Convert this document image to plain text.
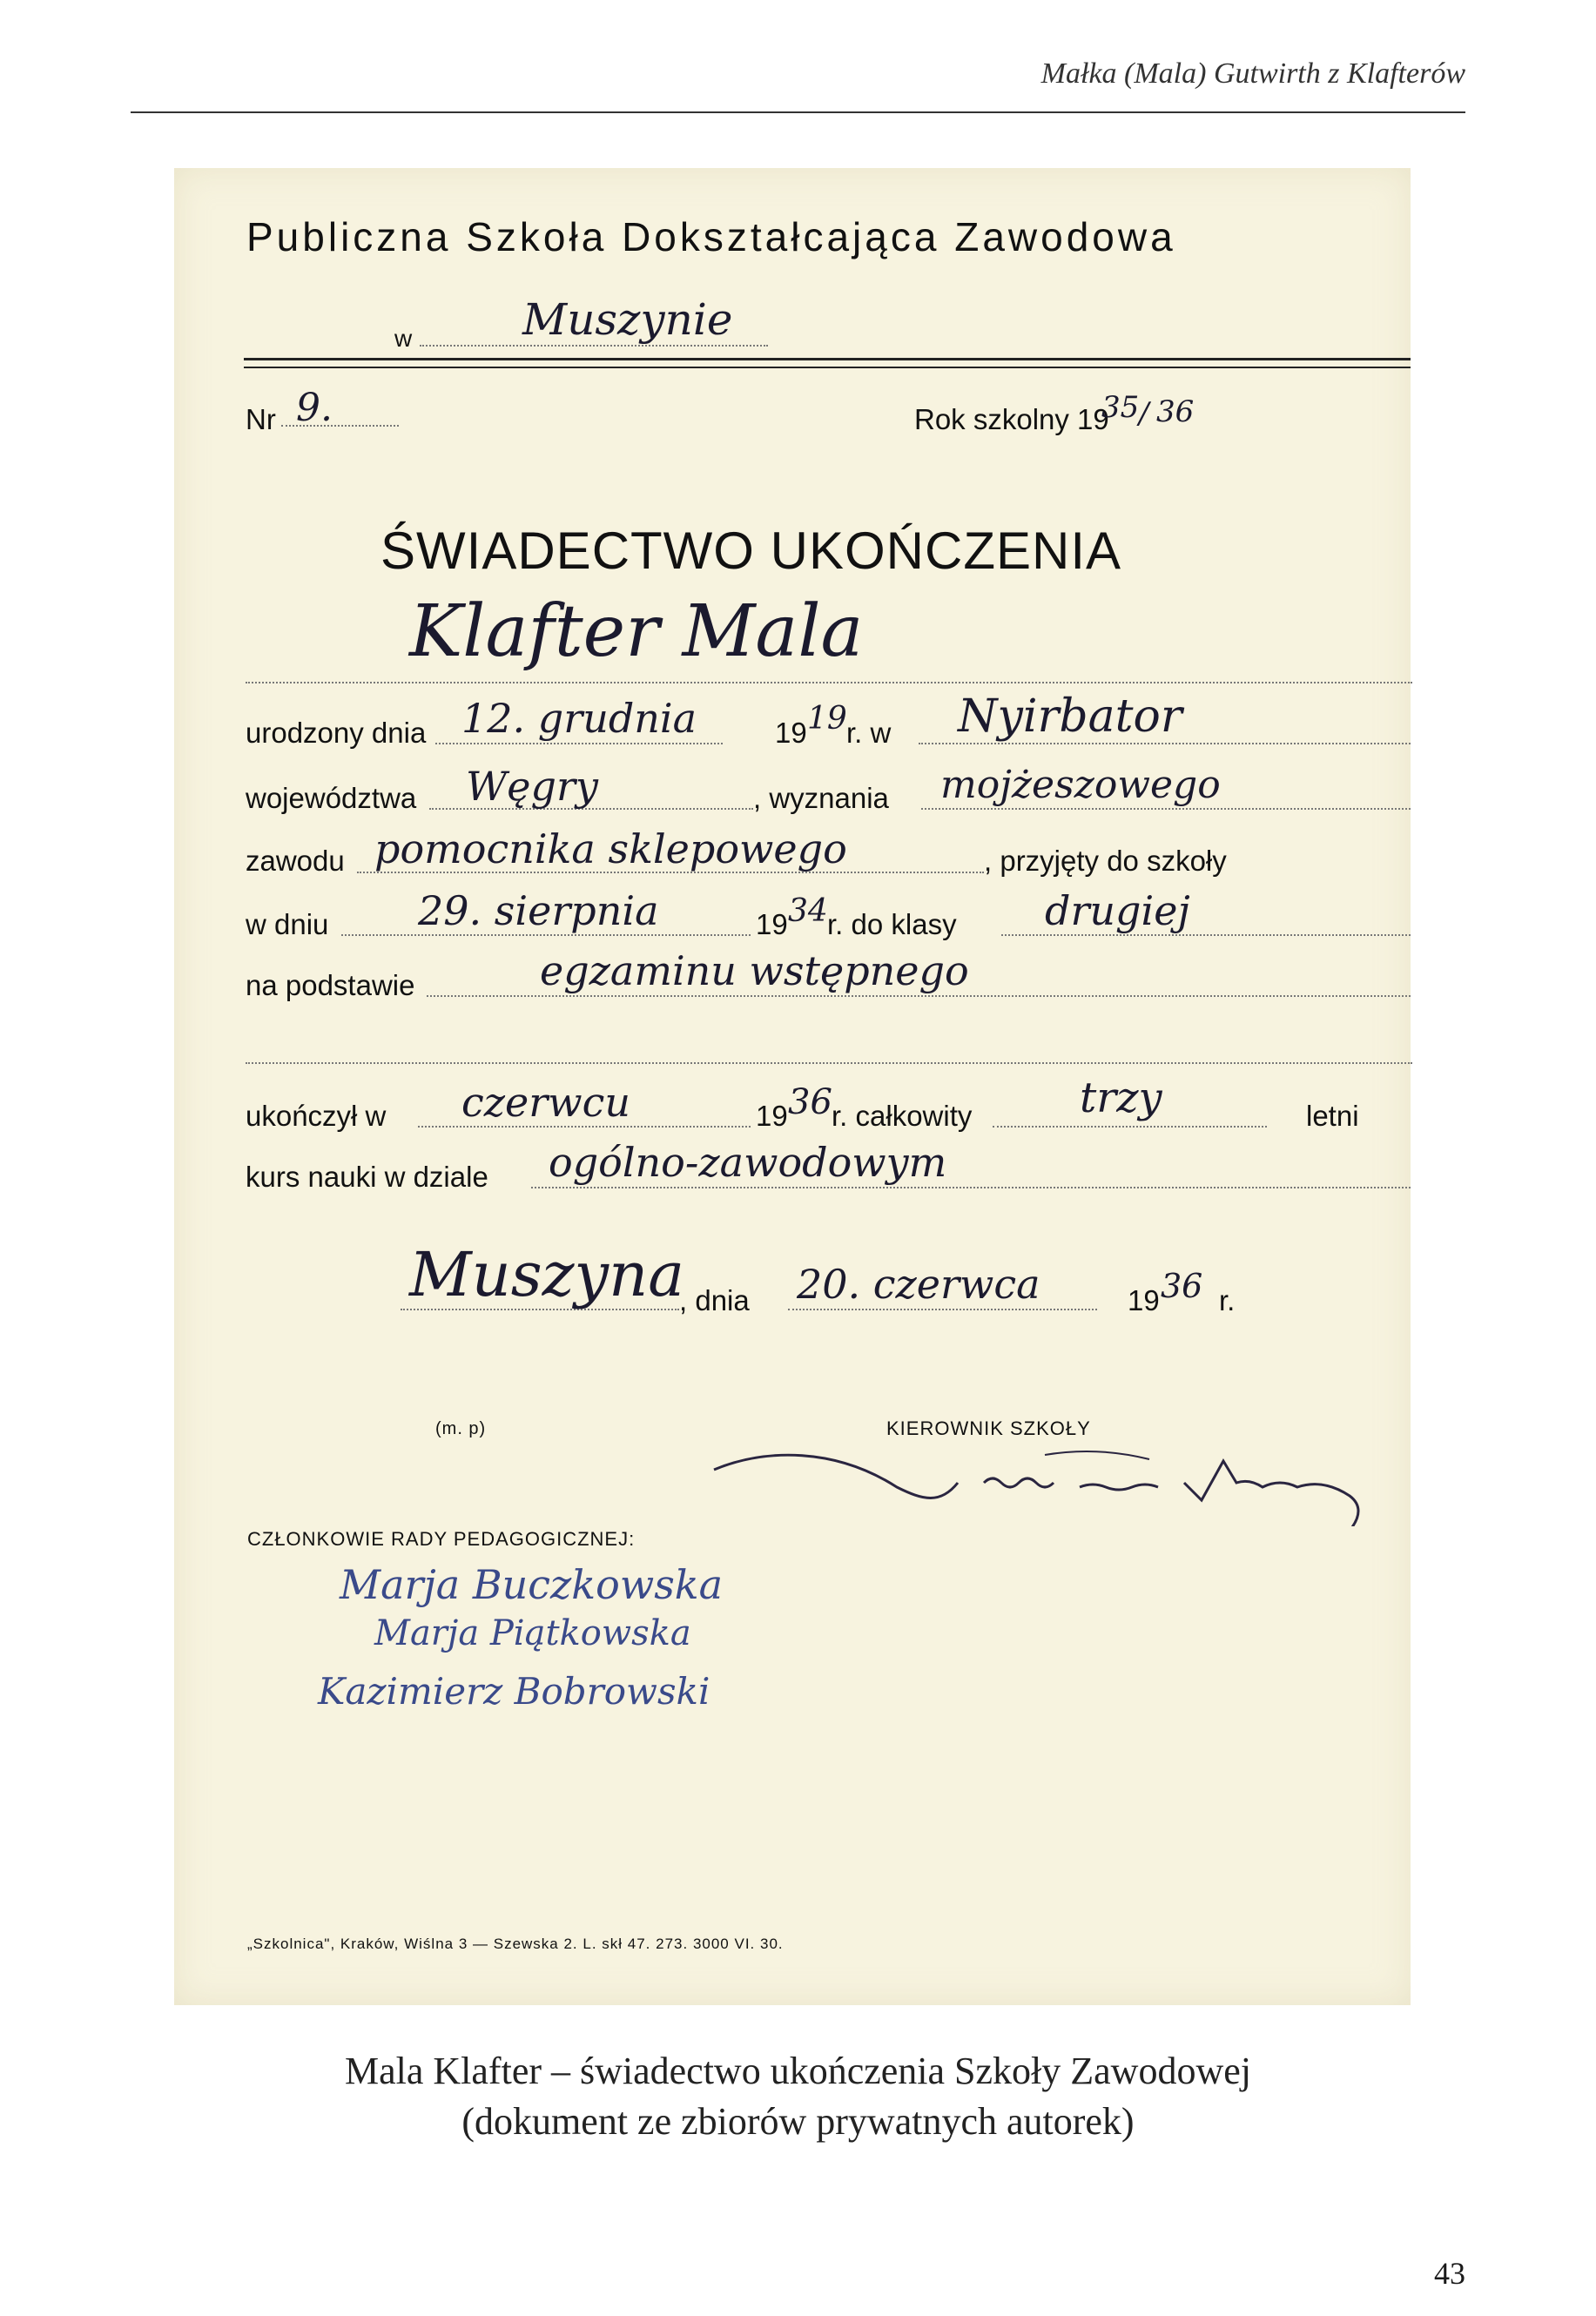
Małka (Mala) Gutwirth z Klafterów
Publiczna Szkoła Dokształcająca Zawodowa
w	Muszynie
Nr 9.	Rok szkolny 19
35 / 36
ŚWIADECTWO UKOŃCZENIA
Klafter Mala
urodzony dnia 12. grudnia	19 19 r. w Nyirbator
województwa Węgry	, wyznania mojżeszowego
zawodu pomocnika sklepowego	, przyjęty do szkoły
w dniu 29. sierpnia	19 34 r. do klasy drugiej
na podstawie	egzaminu wstępnego
ukończył w czerwcu	19 36 r. całkowity	trzy	letni
kurs nauki w dziale ogólno-zawodowym
Muszyna
, dnia 20. czerwca	19 36 r.
(m. p)	KIEROWNIK SZKOŁY
CZŁONKOWIE RADY PEDAGOGICZNEJ:
Marja Buczkowska
Marja Piątkowska
Kazimierz Bobrowski
„Szkolnica", Kraków, Wiślna 3 — Szewska 2. L. skł 47. 273. 3000 VI. 30.
Mala Klafter – świadectwo ukończenia Szkoły Zawodowej
(dokument ze zbiorów prywatnych autorek)
43
